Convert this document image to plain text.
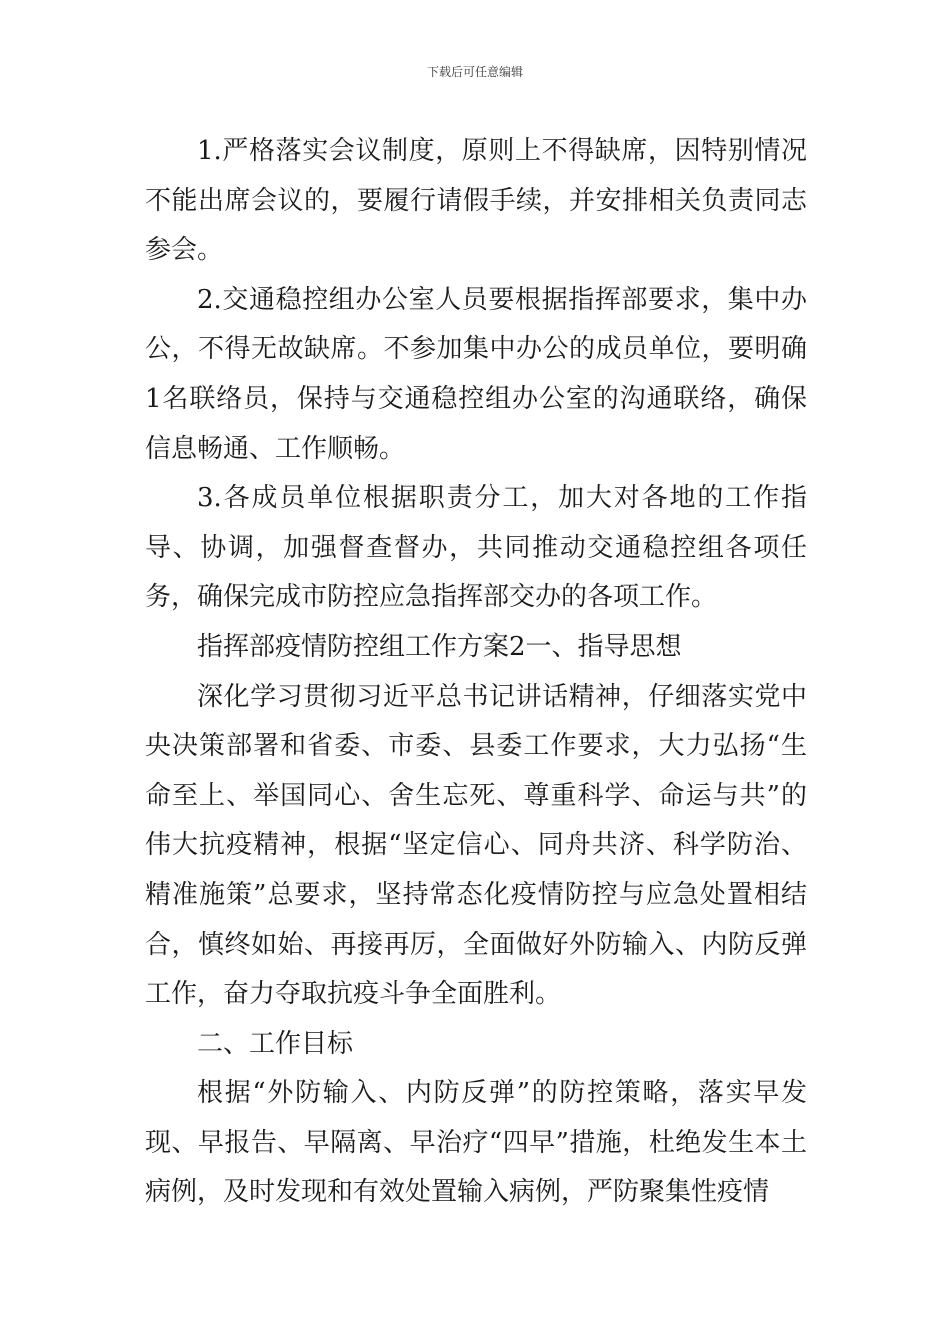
下载后可任意编辑

1.严格落实会议制度，原则上不得缺席，因特别情况不能出席会议的，要履行请假手续，并安排相关负责同志参会。

2.交通稳控组办公室人员要根据指挥部要求，集中办公，不得无故缺席。不参加集中办公的成员单位，要明确1名联络员，保持与交通稳控组办公室的沟通联络，确保信息畅通、工作顺畅。

3.各成员单位根据职责分工，加大对各地的工作指导、协调，加强督查督办，共同推动交通稳控组各项任务，确保完成市防控应急指挥部交办的各项工作。

指挥部疫情防控组工作方案2一、指导思想

深化学习贯彻习近平总书记讲话精神，仔细落实党中央决策部署和省委、市委、县委工作要求，大力弘扬“生命至上、举国同心、舍生忘死、尊重科学、命运与共”的伟大抗疫精神，根据“坚定信心、同舟共济、科学防治、精准施策”总要求，坚持常态化疫情防控与应急处置相结合，慎终如始、再接再厉，全面做好外防输入、内防反弹工作，奋力夺取抗疫斗争全面胜利。

二、工作目标

根据“外防输入、内防反弹”的防控策略，落实早发现、早报告、早隔离、早治疗“四早”措施，杜绝发生本土病例，及时发现和有效处置输入病例，严防聚集性疫情
